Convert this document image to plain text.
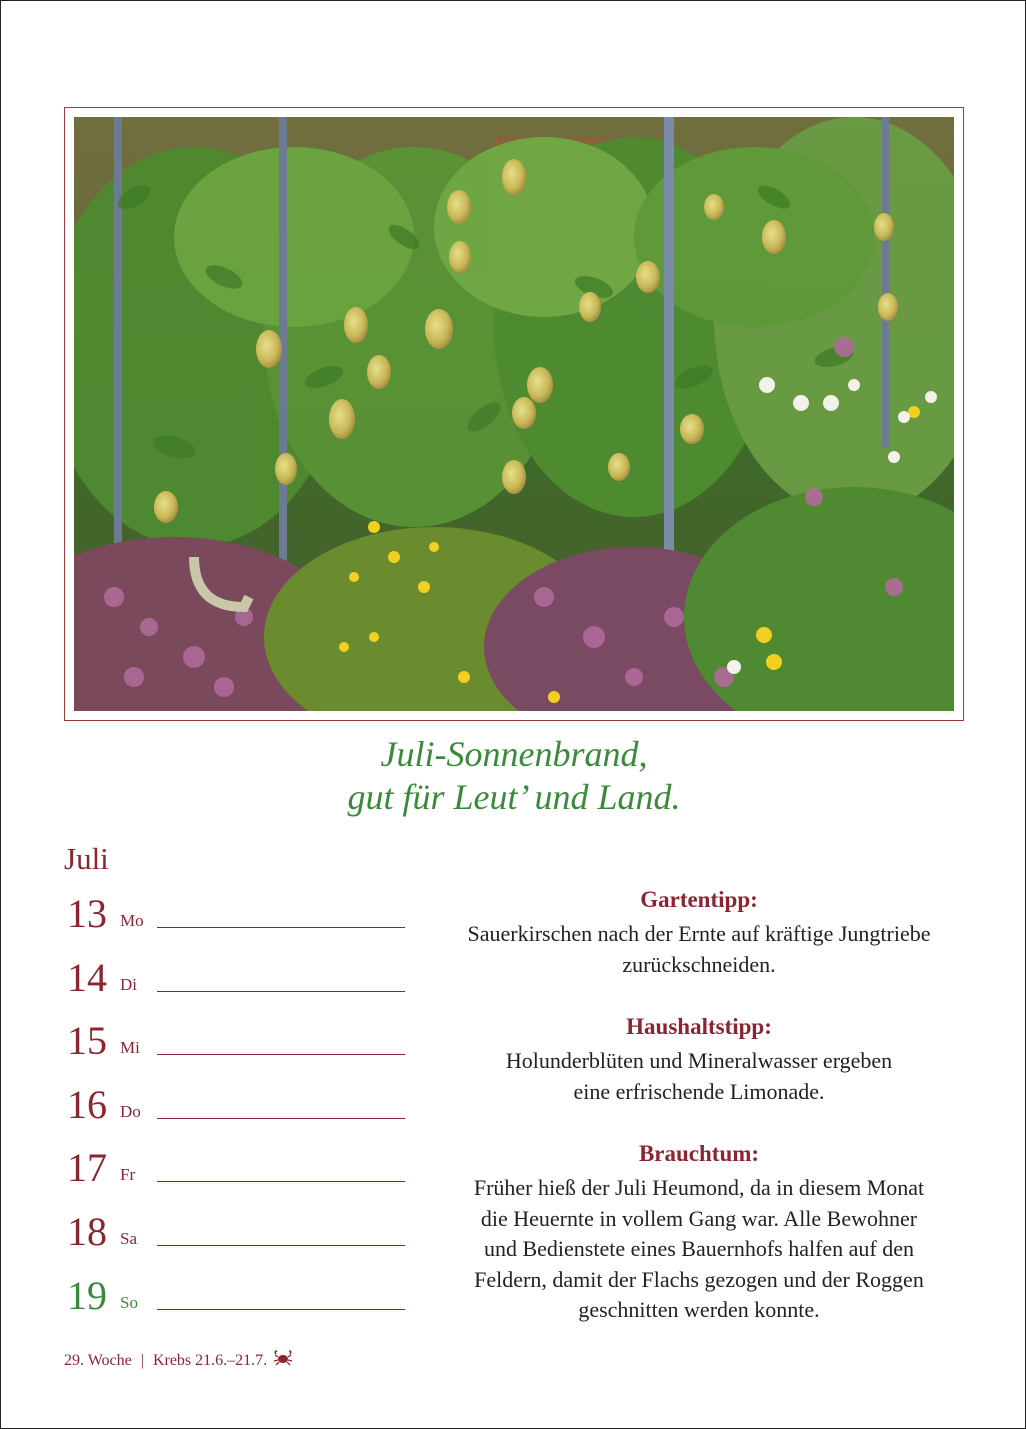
Juli-Sonnenbrand,
gut für Leut’ und Land.
Juli
13 Mo
14 Di
15 Mi
16 Do
17 Fr
18 Sa
19 So
Gartentipp:
Sauerkirschen nach der Ernte auf kräftige Jungtriebe
zurückschneiden.
Haushaltstipp:
Holunderblüten und Mineralwasser ergeben
eine erfrischende Limonade.
Brauchtum:
Früher hieß der Juli Heumond, da in diesem Monat
die Heuernte in vollem Gang war. Alle Bewohner
und Bedienstete eines Bauernhofs halfen auf den
Feldern, damit der Flachs gezogen und der Roggen
geschnitten werden konnte.
29. Woche | Krebs 21.6.–21.7.
